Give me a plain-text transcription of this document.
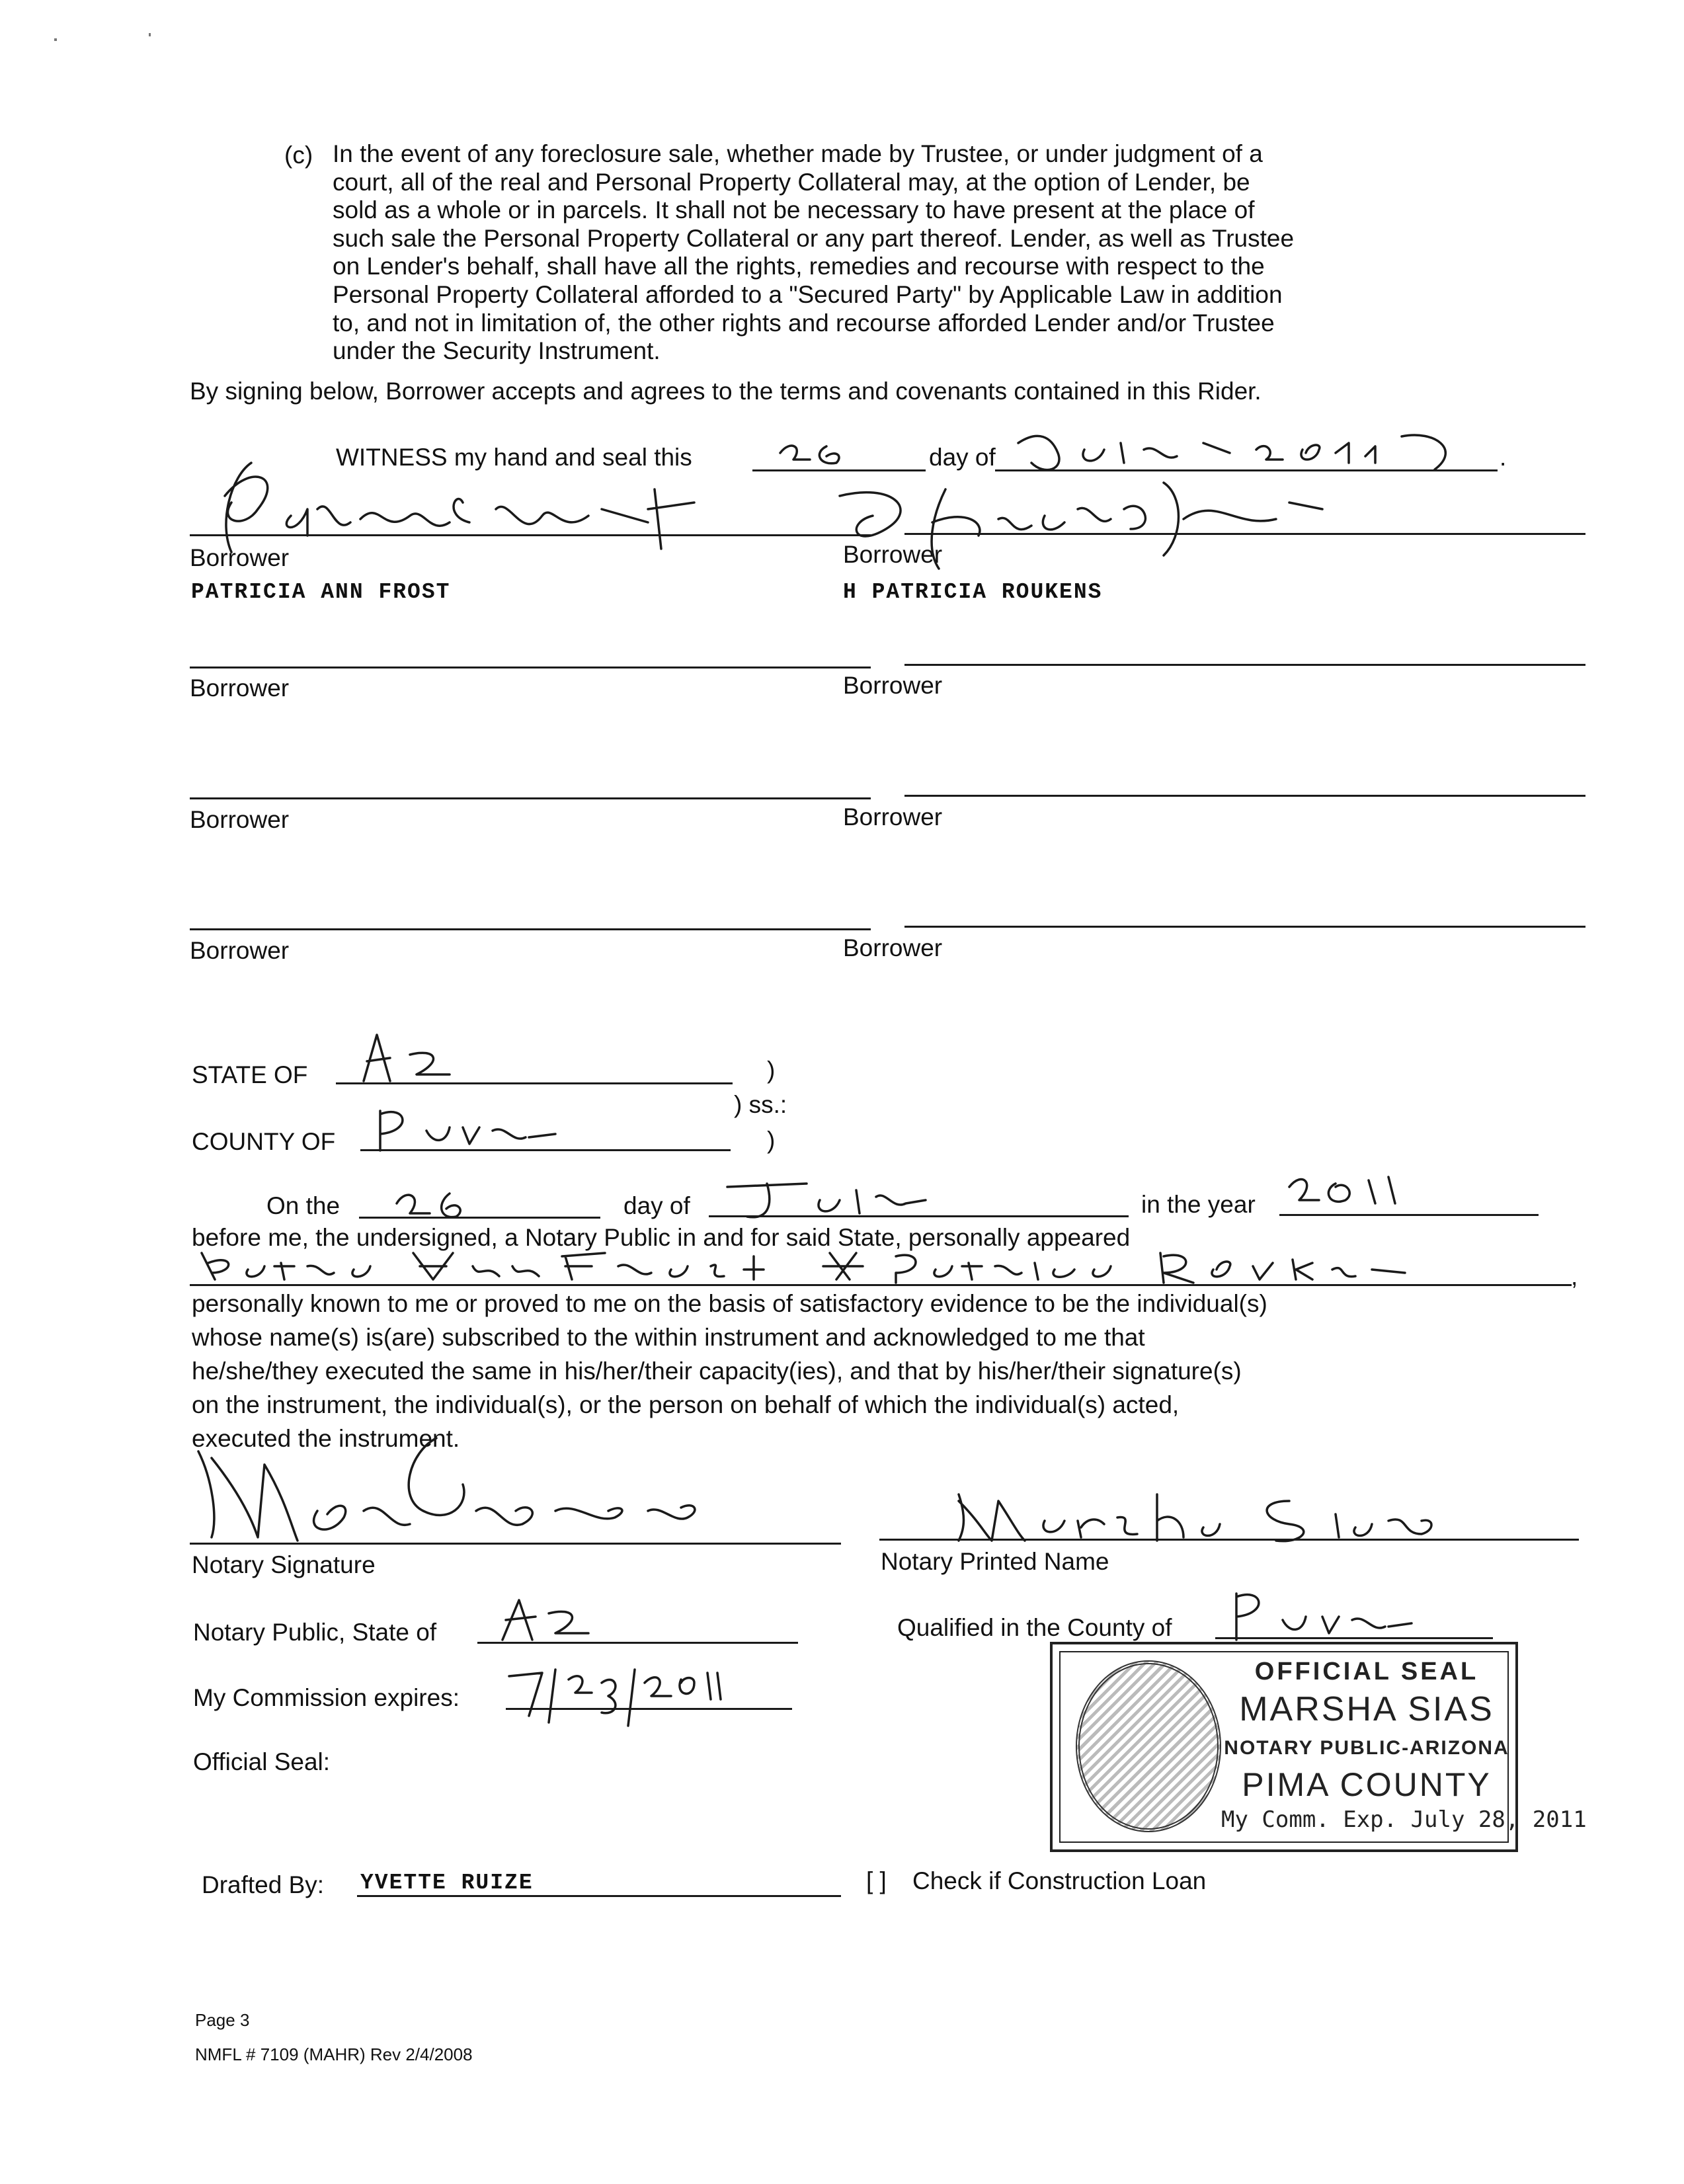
(c) In the event of any foreclosure sale, whether made by Trustee, or under judgment of a
court, all of the real and Personal Property Collateral may, at the option of Lender, be
sold as a whole or in parcels. It shall not be necessary to have present at the place of
such sale the Personal Property Collateral or any part thereof. Lender, as well as Trustee
on Lender's behalf, shall have all the rights, remedies and recourse with respect to the
Personal Property Collateral afforded to a "Secured Party" by Applicable Law in addition
to, and not in limitation of, the other rights and recourse afforded Lender and/or Trustee
under the Security Instrument.
By signing below, Borrower accepts and agrees to the terms and covenants contained in this Rider.
WITNESS my hand and seal this	day of	.
Borrower	Borrower
PATRICIA ANN FROST	H PATRICIA ROUKENS
Borrower	Borrower
Borrower	Borrower
Borrower	Borrower
STATE OF	)
) ss.:
COUNTY OF	)
On the	day of	in the year
before me, the undersigned, a Notary Public in and for said State, personally appeared
,
personally known to me or proved to me on the basis of satisfactory evidence to be the individual(s)
whose name(s) is(are) subscribed to the within instrument and acknowledged to me that
he/she/they executed the same in his/her/their capacity(ies), and that by his/her/their signature(s)
on the instrument, the individual(s), or the person on behalf of which the individual(s) acted,
executed the instrument.
Notary Signature	Notary Printed Name
Notary Public, State of	Qualified in the County of
My Commission expires:
Official Seal:
OFFICIAL SEAL
MARSHA SIAS
NOTARY PUBLIC-ARIZONA
PIMA COUNTY
My Comm. Exp. July 28, 2011
Drafted By: YVETTE RUIZE	[ ] Check if Construction Loan
Page 3
NMFL # 7109 (MAHR) Rev 2/4/2008
